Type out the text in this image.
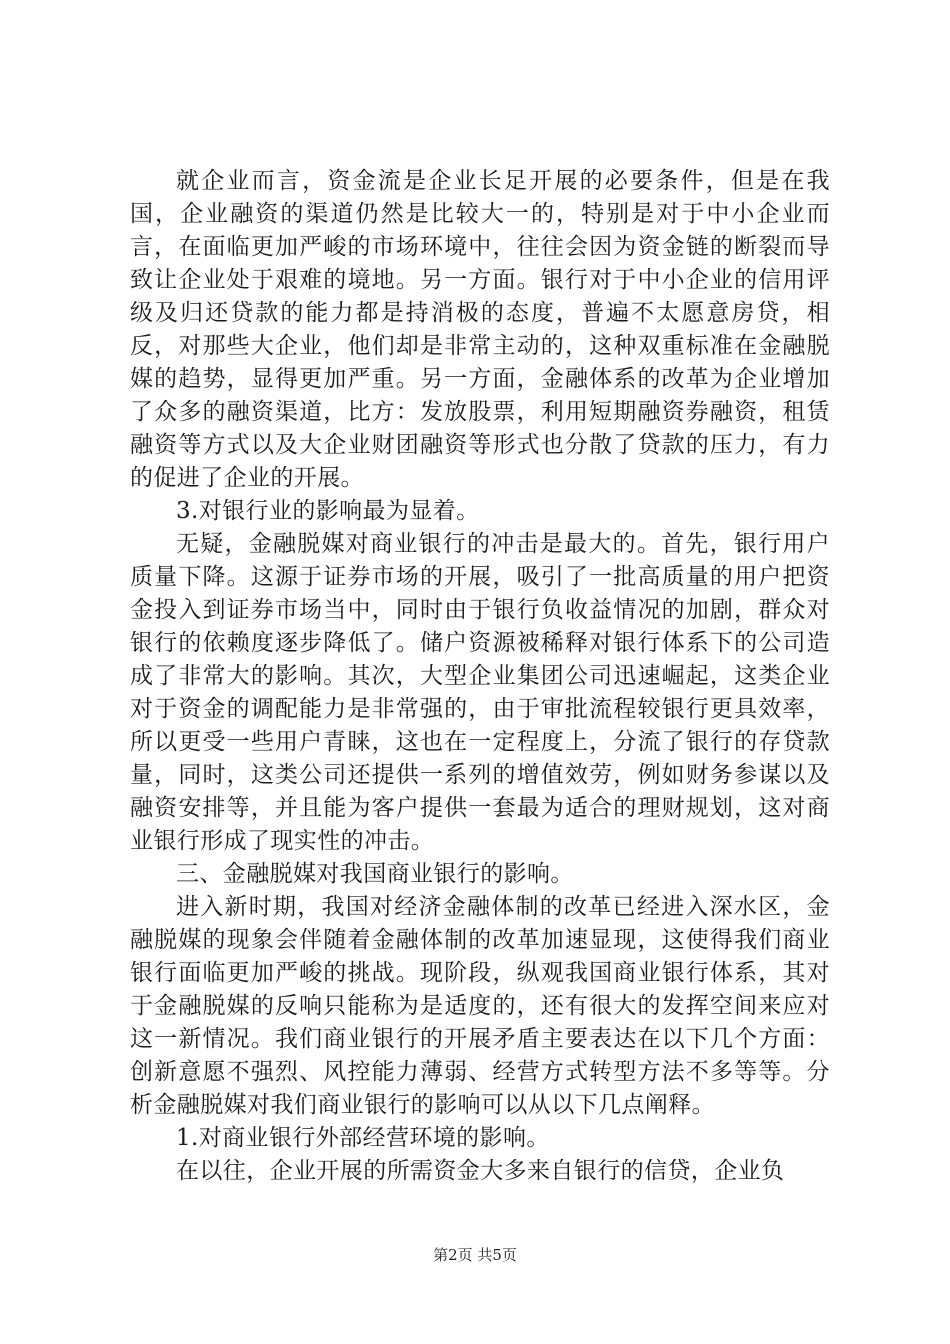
就企业而言，资金流是企业长足开展的必要条件，但是在我国，企业融资的渠道仍然是比较大一的，特别是对于中小企业而言，在面临更加严峻的市场环境中，往往会因为资金链的断裂而导致让企业处于艰难的境地。另一方面。银行对于中小企业的信用评级及归还贷款的能力都是持消极的态度，普遍不太愿意房贷，相反，对那些大企业，他们却是非常主动的，这种双重标准在金融脱媒的趋势，显得更加严重。另一方面，金融体系的改革为企业增加了众多的融资渠道，比方：发放股票，利用短期融资券融资，租赁融资等方式以及大企业财团融资等形式也分散了贷款的压力，有力的促进了企业的开展。

3.对银行业的影响最为显着。

无疑，金融脱媒对商业银行的冲击是最大的。首先，银行用户质量下降。这源于证券市场的开展，吸引了一批高质量的用户把资金投入到证券市场当中，同时由于银行负收益情况的加剧，群众对银行的依赖度逐步降低了。储户资源被稀释对银行体系下的公司造成了非常大的影响。其次，大型企业集团公司迅速崛起，这类企业对于资金的调配能力是非常强的，由于审批流程较银行更具效率，所以更受一些用户青睐，这也在一定程度上，分流了银行的存贷款量，同时，这类公司还提供一系列的增值效劳，例如财务参谋以及融资安排等，并且能为客户提供一套最为适合的理财规划，这对商业银行形成了现实性的冲击。

三、金融脱媒对我国商业银行的影响。

进入新时期，我国对经济金融体制的改革已经进入深水区，金融脱媒的现象会伴随着金融体制的改革加速显现，这使得我们商业银行面临更加严峻的挑战。现阶段，纵观我国商业银行体系，其对于金融脱媒的反响只能称为是适度的，还有很大的发挥空间来应对这一新情况。我们商业银行的开展矛盾主要表达在以下几个方面：创新意愿不强烈、风控能力薄弱、经营方式转型方法不多等等。分析金融脱媒对我们商业银行的影响可以从以下几点阐释。

1.对商业银行外部经营环境的影响。

在以往，企业开展的所需资金大多来自银行的信贷，企业负

第2页 共5页
